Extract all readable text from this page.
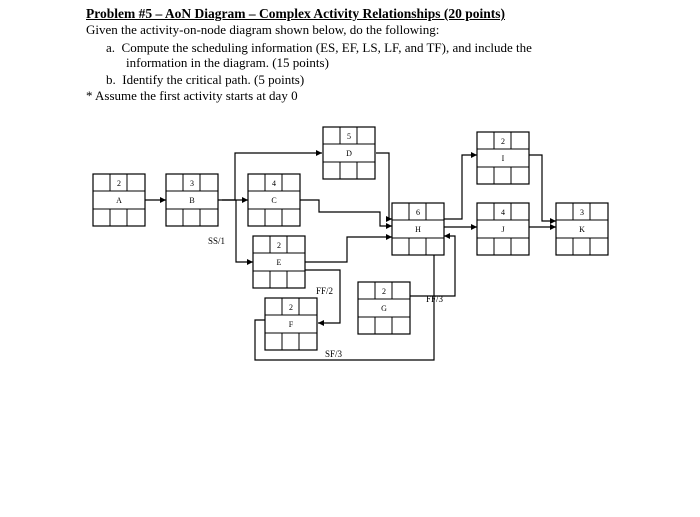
Problem #5 – AoN Diagram – Complex Activity Relationships (20 points)
Given the activity-on-node diagram shown below, do the following:
a. Compute the scheduling information (ES, EF, LS, LF, and TF), and include the
information in the diagram. (15 points)
b. Identify the critical path. (5 points)
* Assume the first activity starts at day 0
SS/1
FF/2
FF/3
SF/3
2
A
3
B
4
C
5
D
2
E
2
F
2
G
6
H
2
I
4
J
3
K
